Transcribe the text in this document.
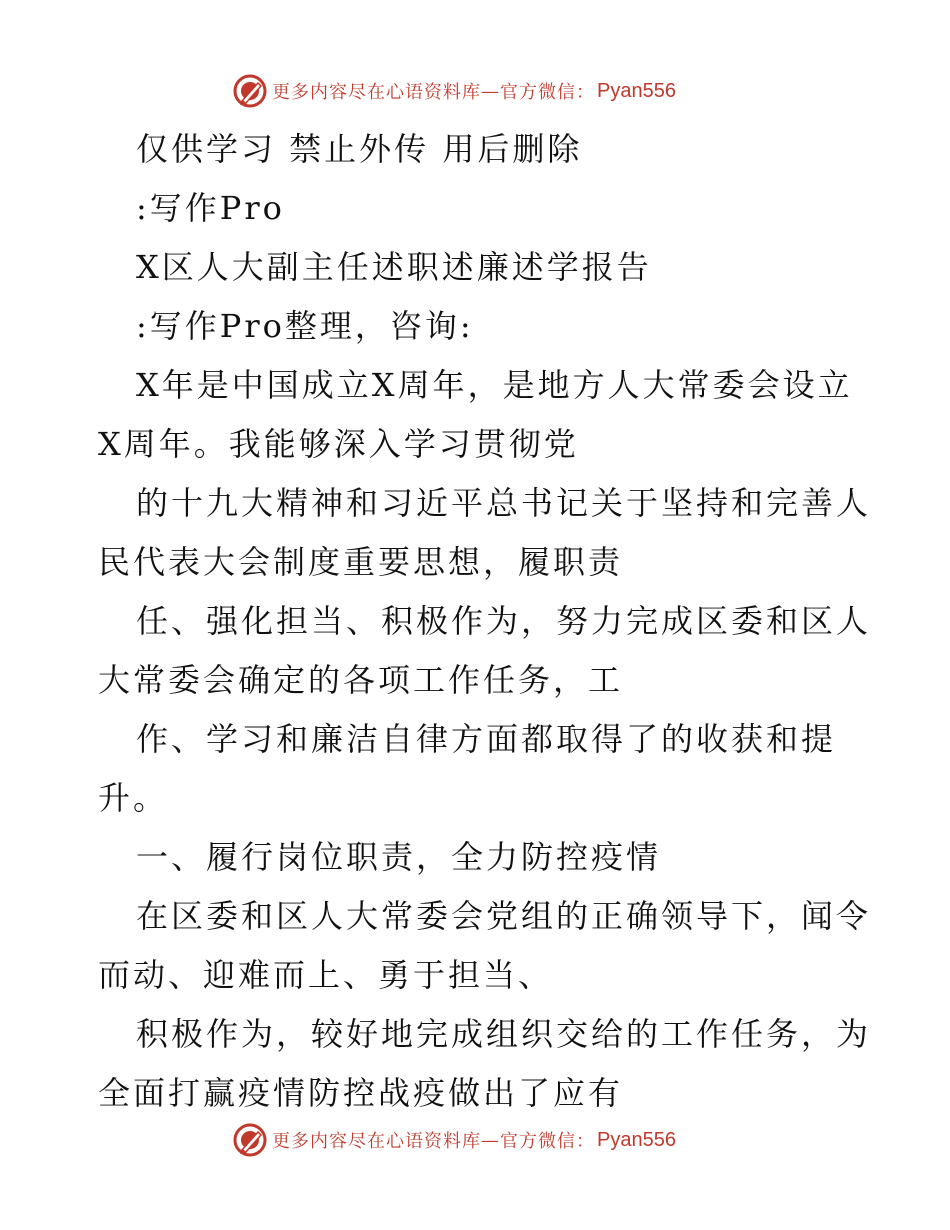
更多内容尽在心语资料库 — 官方微信： Pyan556
仅供学习 禁止外传 用后删除
:写作Pro
X区人大副主任述职述廉述学报告
:写作Pro整理，咨询:
X年是中国成立X周年，是地方人大常委会设立
X周年。我能够深入学习贯彻党
的十九大精神和习近平总书记关于坚持和完善人
民代表大会制度重要思想，履职责
任、强化担当、积极作为，努力完成区委和区人
大常委会确定的各项工作任务，工
作、学习和廉洁自律方面都取得了的收获和提
升。
一、履行岗位职责，全力防控疫情
在区委和区人大常委会党组的正确领导下，闻令
而动、迎难而上、勇于担当、
积极作为，较好地完成组织交给的工作任务，为
全面打赢疫情防控战疫做出了应有
更多内容尽在心语资料库 — 官方微信： Pyan556
